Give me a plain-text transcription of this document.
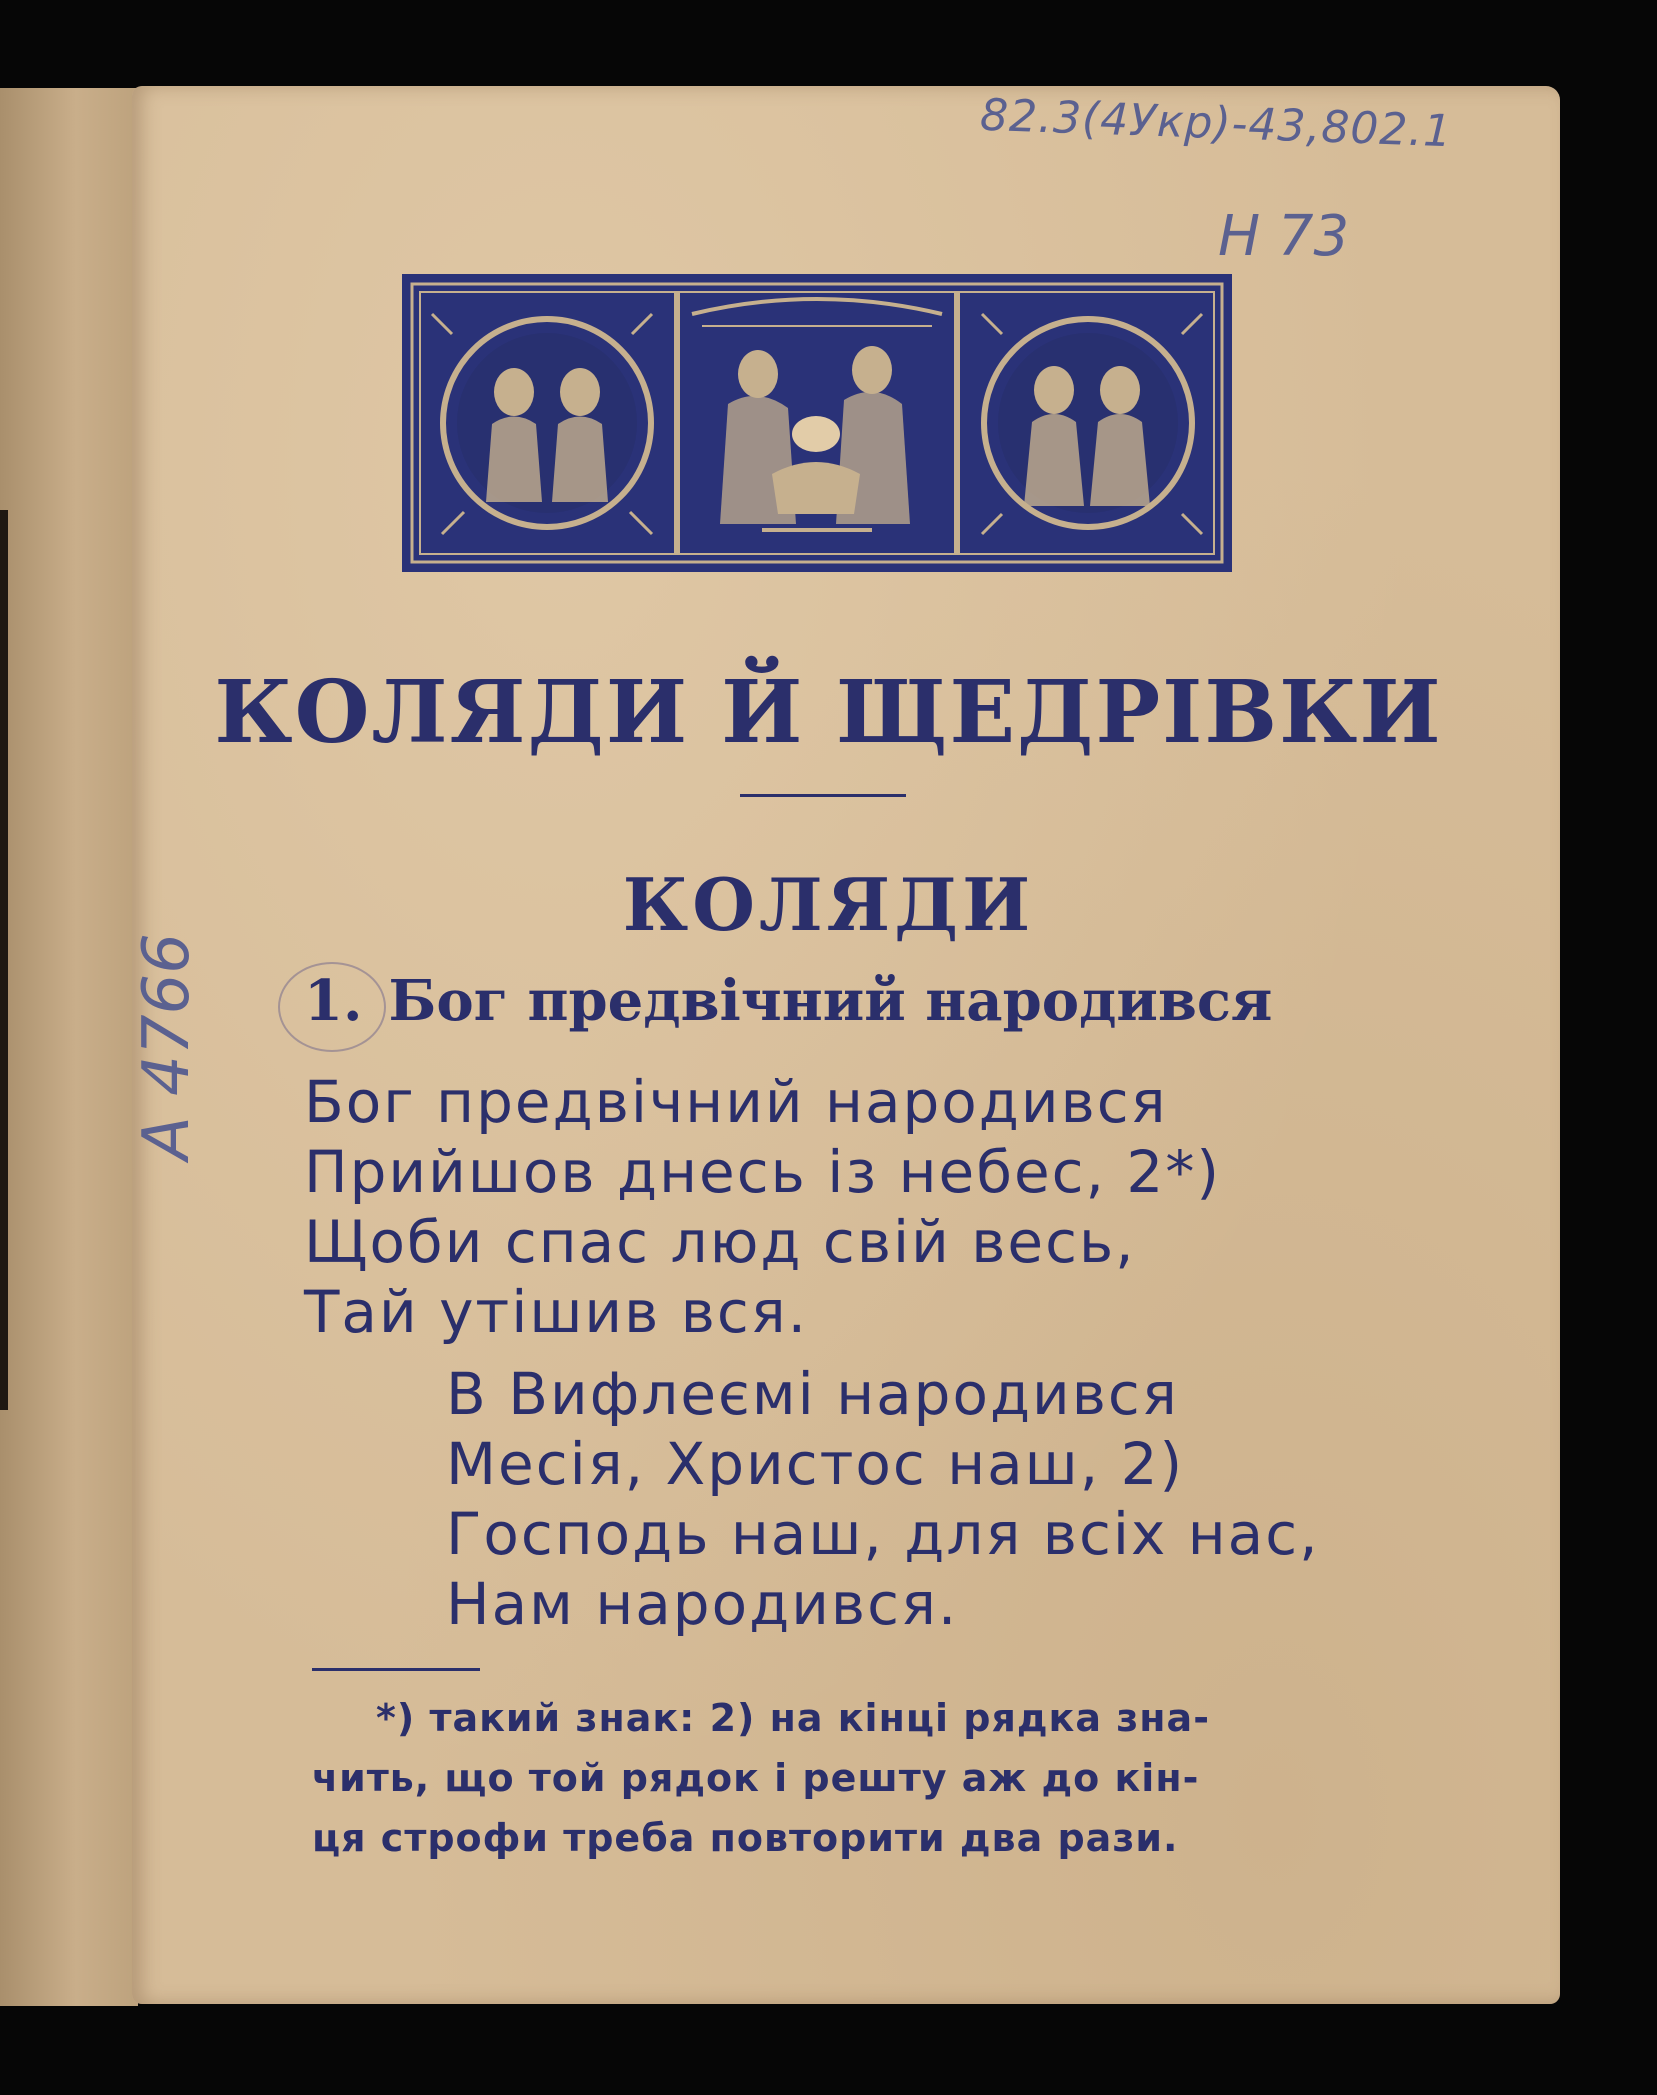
82.3(4Укр)-43,802.1
Н 73
А 4766
КОЛЯДИ Й ЩЕДРІВКИ
КОЛЯДИ
1. Бог предвічний народився
Бог предвічний народився
Прийшов днесь із небес, 2*)
Щоби спас люд свій весь,
Тай утішив вся.
В Вифлеємі народився
Месія, Христос наш, 2)
Господь наш, для всіх нас,
Нам народився.
*) такий знак: 2) на кінці рядка зна-
чить, що той рядок і решту аж до кін-
ця строфи треба повторити два рази.
